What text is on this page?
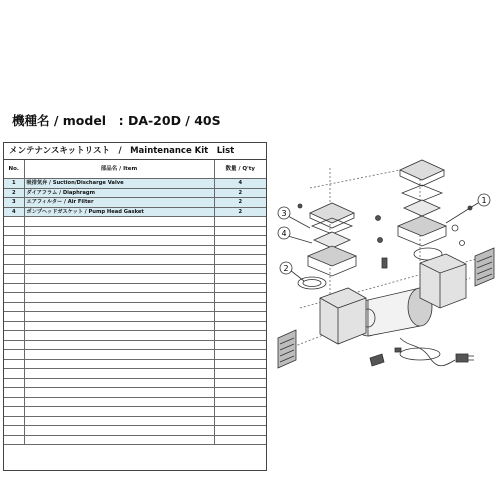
機種名 / model　: DA-20D / 40S
メンテナンスキットリスト　/　Maintenance Kit　List
No.	部品名 / Item	数量 / Q'ty
1	吸排気弁 / Suction/Discharge Valve	4
2	ダイアフラム / Diaphragm	2
3	エアフィルター / Air Filter	2
4	ポンプヘッドガスケット / Pump Head Gasket	2

			3
4
2
1
